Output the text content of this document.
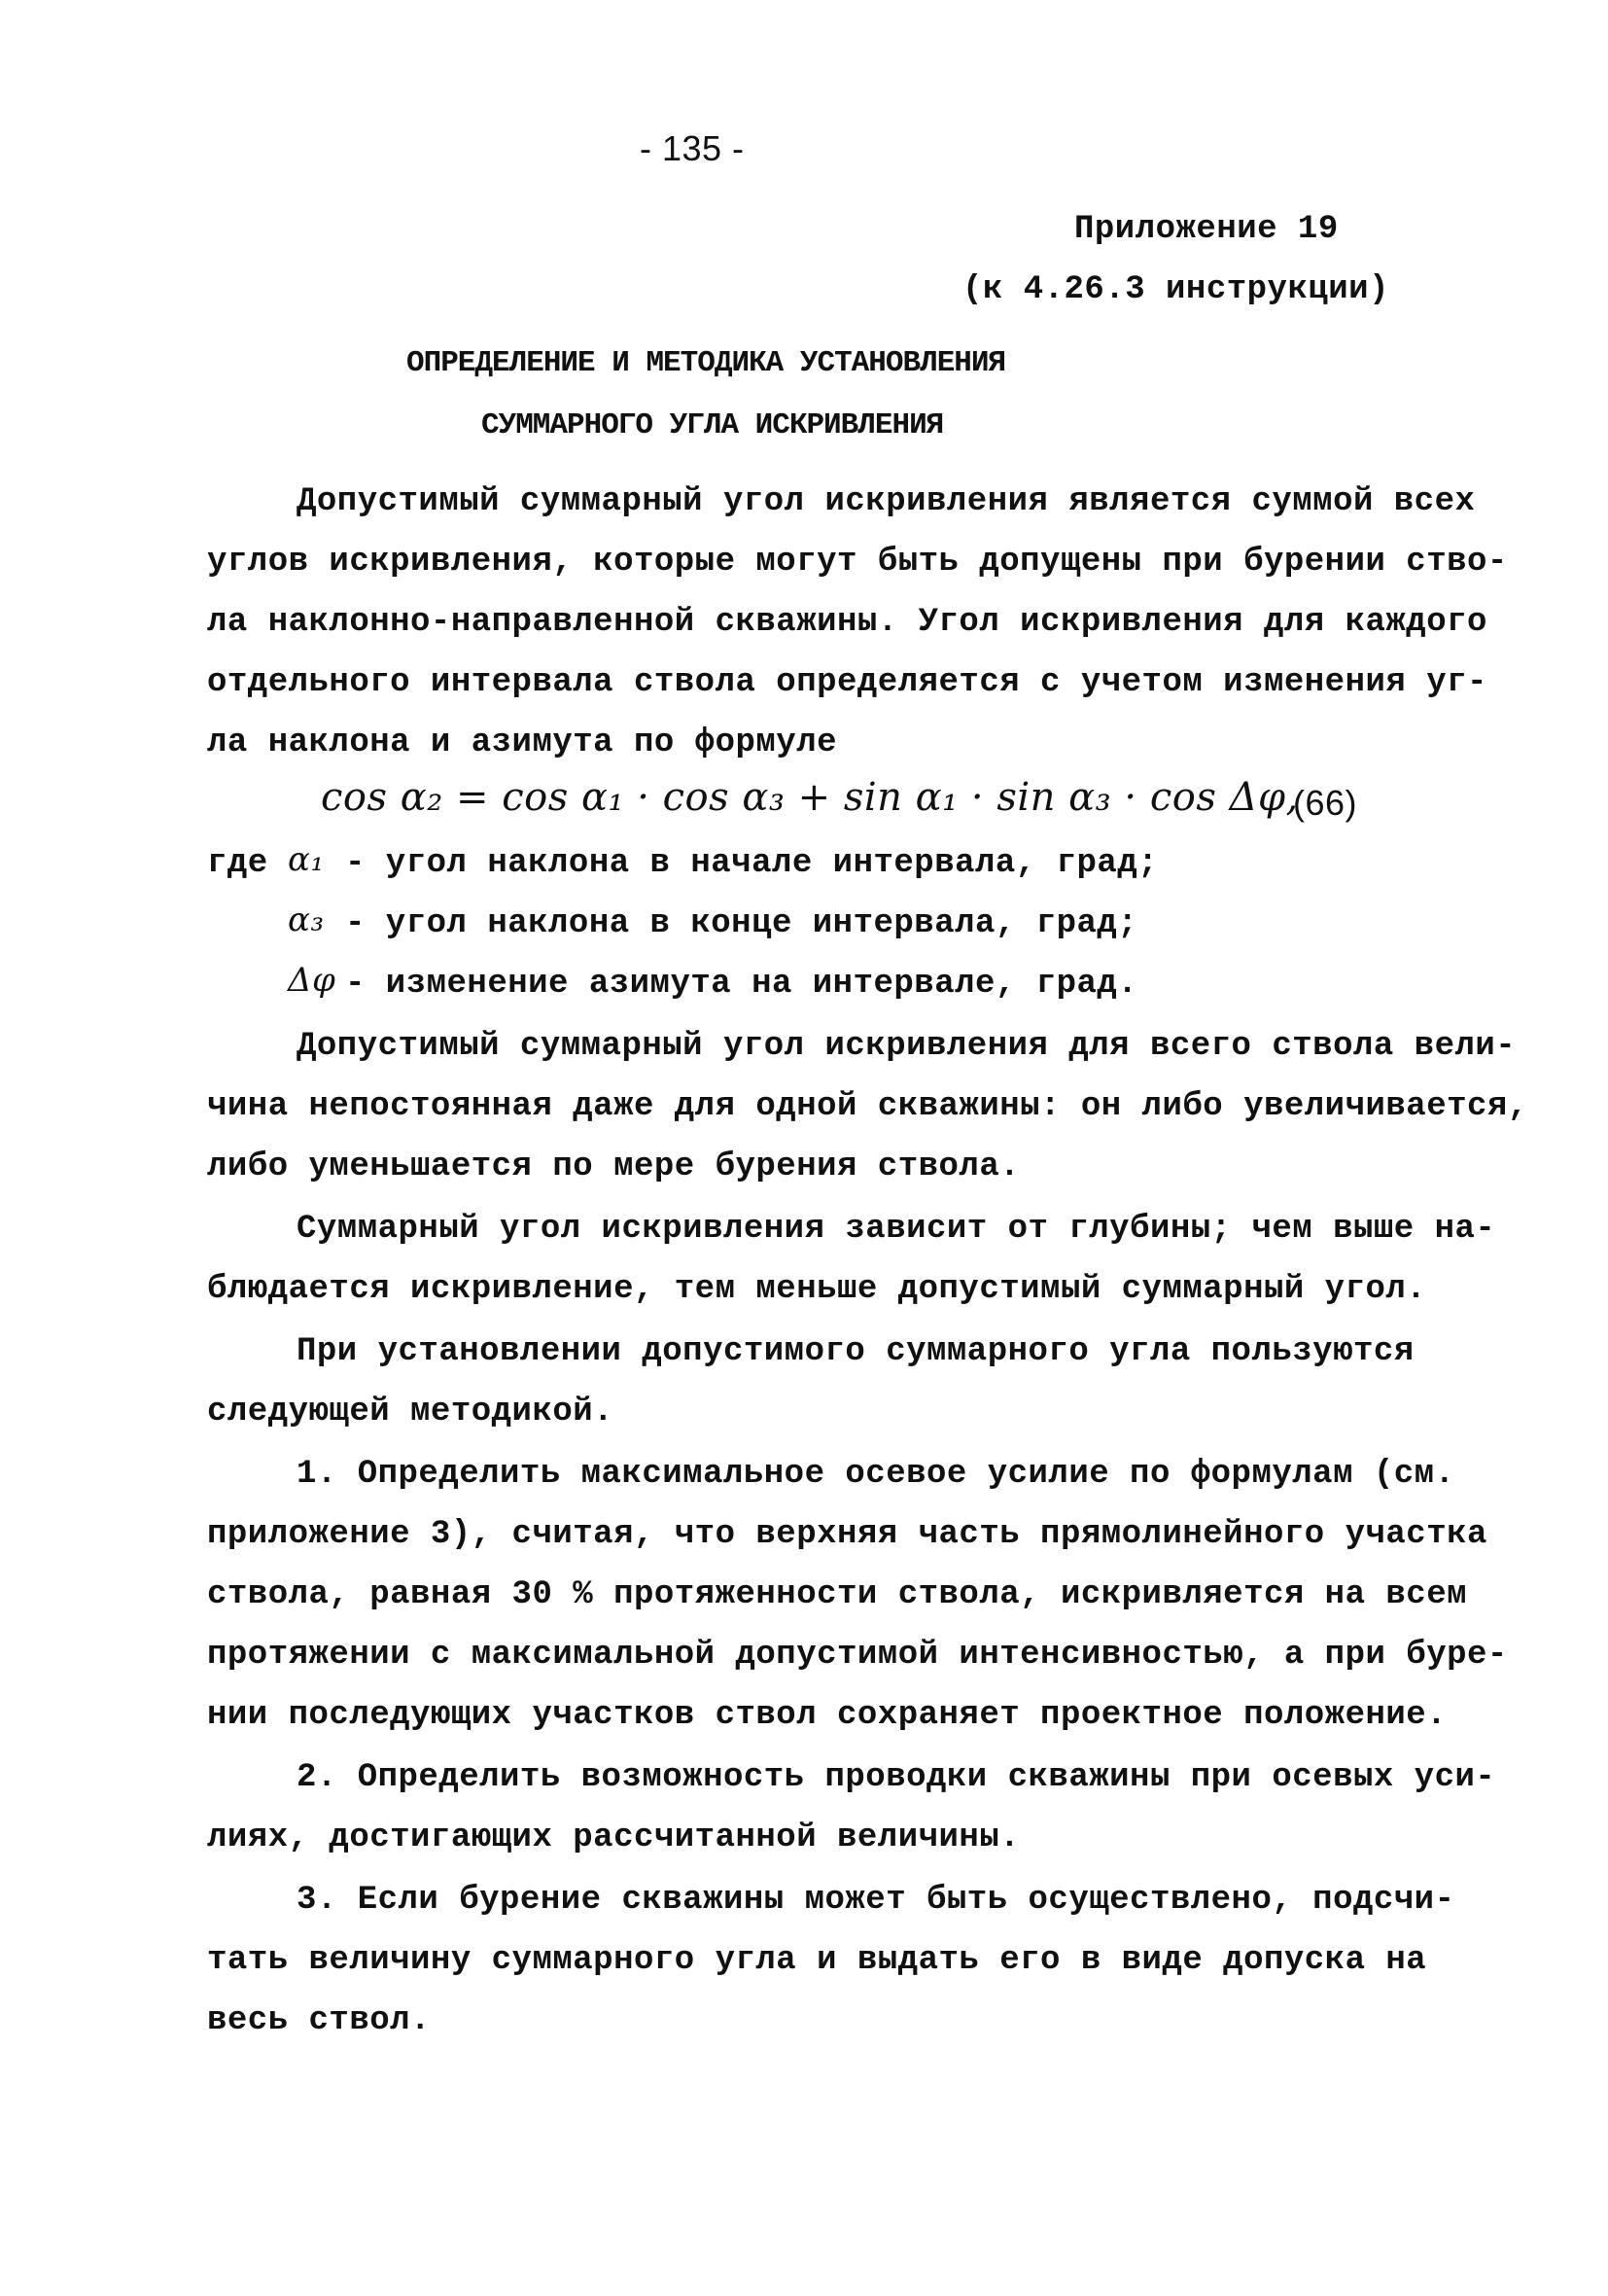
- 135 -
Приложение 19
(к 4.26.3 инструкции)
ОПРЕДЕЛЕНИЕ И МЕТОДИКА УСТАНОВЛЕНИЯ
СУММАРНОГО УГЛА ИСКРИВЛЕНИЯ
Допустимый суммарный угол искривления является суммой всех
углов искривления, которые могут быть допущены при бурении ство-
ла наклонно-направленной скважины. Угол искривления для каждого
отдельного интервала ствола определяется с учетом изменения уг-
ла наклона и азимута по формуле
cos α₂ = cos α₁ · cos α₃ + sin α₁ · sin α₃ · cos Δφ,
(66)
где α₁ - угол наклона в начале интервала, град;
α₃ - угол наклона в конце интервала, град;
Δφ - изменение азимута на интервале, град.
Допустимый суммарный угол искривления для всего ствола вели-
чина непостоянная даже для одной скважины: он либо увеличивается,
либо уменьшается по мере бурения ствола.
Суммарный угол искривления зависит от глубины; чем выше на-
блюдается искривление, тем меньше допустимый суммарный угол.
При установлении допустимого суммарного угла пользуются
следующей методикой.
1. Определить максимальное осевое усилие по формулам (см.
приложение 3), считая, что верхняя часть прямолинейного участка
ствола, равная 30 % протяженности ствола, искривляется на всем
протяжении с максимальной допустимой интенсивностью, а при буре-
нии последующих участков ствол сохраняет проектное положение.
2. Определить возможность проводки скважины при осевых уси-
лиях, достигающих рассчитанной величины.
3. Если бурение скважины может быть осуществлено, подсчи-
тать величину суммарного угла и выдать его в виде допуска на
весь ствол.
